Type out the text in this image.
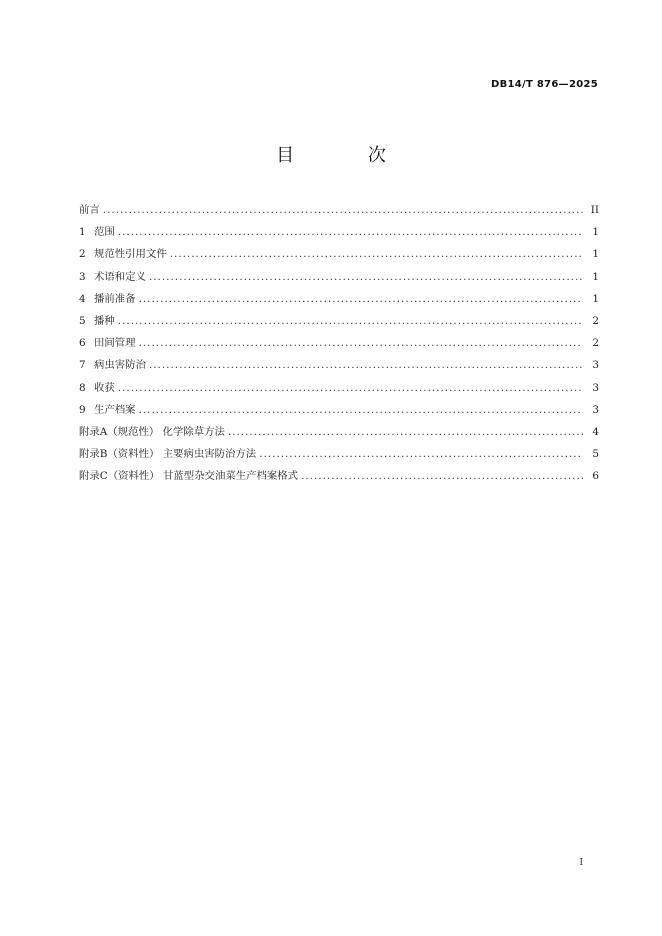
DB14/T 876—2025
目 次
前言 .....	II
1 范围 .....	1
2 规范性引用文件 .....	1
3 术语和定义 .....	1
4 播前准备 .....	1
5 播种 .....	2
6 田间管理 .....	2
7 病虫害防治 .....	3
8 收获 .....	3
9 生产档案 .....	3
附录A（规范性） 化学除草方法 .....	4
附录B（资料性） 主要病虫害防治方法 .....	5
附录C（资料性） 甘蓝型杂交油菜生产档案格式 .....	6
I
